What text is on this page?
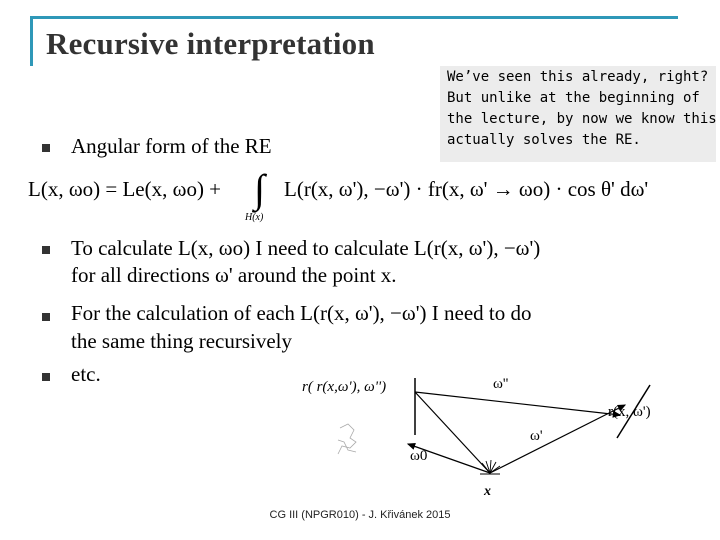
Recursive interpretation
We’ve seen this already, right?
But unlike at the beginning of
the lecture, by now we know this
actually solves the RE.
Angular form of the RE
L(x, ωo) = Le(x, ωo) + ∫
H(x)
L(r(x, ω'), −ω') · fr(x, ω' → ωo) · cos θ' dω'
To calculate L(x, ωo) I need to calculate L(r(x, ω'), −ω')
for all directions ω' around the point x.
For the calculation of each L(r(x, ω'), −ω') I need to do
the same thing recursively
etc.
r( r(x,ω'), ω'')	ω''
r(x, ω')
ω'
ω0
x
CG III (NPGR010) - J. Křivánek 2015
